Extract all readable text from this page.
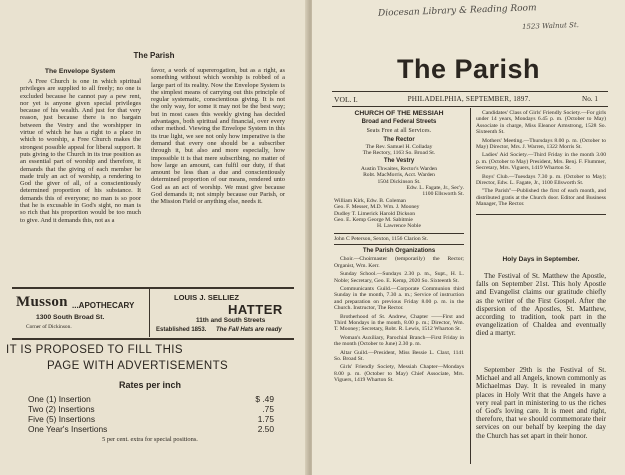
The Parish
The Envelope System

A Free Church is one in which spiritual privileges are supplied to all freely; no one is excluded because he cannot pay a pew rent, nor yet is anyone given special privileges because of his wealth. And just for that very reason, just because there is no bargain between the Vestry and the worshipper in virtue of which he has a right to a place in which to worship, a Free Church makes the strongest possible appeal for liberal support. It puts giving to the Church in its true position as an essential part of worship and therefore, it demands that the giving of each member be made truly an act of worship, a rendering to God the giver of all, of a conscientiously determined proportion of his substance. It demands this of everyone; no man is so poor that he is excusable in God's sight, no man is so rich that his proportion would be too much to give. And it demands this, not as a

favor, a work of supererogation, but as a right, as something without which worship is robbed of a large part of its reality. Now the Envelope System is the simplest means of carrying out this principle of regular systematic, conscientious giving. It is not the only way, for some it may not be the best way; but in most cases this weekly giving has decided advantages, both spiritual and financial, over every other method. Viewing the Envelope System in this its true light, we see not only how imperative is the demand that every one should be a subscriber through it, but also and more especially, how impossible it is that mere subscribing, no matter of how large an amount, can fulfil our duty, if that amount be less than a due and conscientiously determined proportion of our means, rendered unto God as an act of worship. We must give because God demands it; not simply because our Parish, or the Mission Field or anything else, needs it.

Musson ...APOTHECARY
1300 South Broad St.
Corner of Dickinson.
LOUIS J. SELLIEZ
HATTER
11th and South Streets
Established 1853. The Fall Hats are ready
IT IS PROPOSED TO FILL THIS
PAGE WITH ADVERTISEMENTS
Rates per inch
One (1) Insertion	$ .49
Two (2) Insertions	.75
Five (5) Insertions	1.75
One Year's Insertions	2.50
5 per cent. extra for special positions.
Diocesan Library & Reading Room
1523 Walnut St.
The Parish
VOL. I.	PHILADELPHIA, SEPTEMBER, 1897.	No. 1
CHURCH OF THE MESSIAH
Broad and Federal Streets
Seats Free at all Services.
The Rector
The Rev. Samuel H. Colladay
The Rectory, 1163 So. Broad St.
The Vestry
Austin Thwaites, Rector's Warden
Robt. MacMorris, Acct. Warden
1504 Dickinson St.
Edw. L. Fagate, Jr., Sec'y.
1100 Ellsworth St.
William Kirk, Edw. B. Coleman
Geo. F. Messer, M.D. Wm. J. Mooney
Dudley T. Limerick Harold Dickson
Geo. E. Kemp George M. Sabitmie
H. Lawrence Noble
John C Peterson, Sexton, 1156 Clarion St.
The Parish Organizations

Choir.—Choirmaster (temporarily) the Rector; Organist, Wm. Kerr.

Sunday School.—Sundays 2.30 p. m., Supt., H. L. Noble; Secretary, Geo. E. Kemp, 2020 So. Sixteenth St.

Communicants Guild.—Corporate Communion third Sunday in the month, 7.30 a. m.; Service of instruction and preparation on previous Friday 8.00 p. m. in the Church. Instructor, The Rector.

Brotherhood of St. Andrew, Chapter ——First and Third Mondays in the month, 8.00 p. m.; Director, Wm. T. Mooney; Secretary, Robt. R. Lewis, 1512 Wharton St.

Woman's Auxiliary, Parochial Branch—First Friday in the month (October to June) 2.30 p. m.

Altar Guild.—President, Miss Bessie L. Claxt, 1141 So. Broad St.

Girls' Friendly Society, Messiah Chapter—Mondays 8.00 p. m. (October to May) Chief Associate, Mrs. Viguers, 1419 Wharton St.

Candidates' Class of Girls' Friendly Society.—For girls under 14 years, Mondays 6.45 p. m. (October to May) Associate in charge, Miss Eleanor Armstrong, 1528 So. Sixteenth St.

Mothers' Meeting.—Thursdays 8.00 p. m. (October to May) Director, Mrs. J. Warren, 1322 Morris St.

Ladies' Aid Society.—Third Friday in the month 3.00 p. m. (October to May) President, Mrs. Benj. F. Flummer, Secretary, Mrs. Viguers, 1419 Wharton St.

Boys' Club.—Tuesdays 7.30 p. m. (October to May); Director, Edw. L. Fagate, Jr., 1100 Ellsworth St.

"The Parish"—Published the first of each month, and distributed gratis at the Church door. Editor and Business Manager, The Rector.

Holy Days in September.

The Festival of St. Matthew the Apostle, falls on September 21st. This holy Apostle and Evangelist claims our gratitude chiefly as the writer of the First Gospel. After the dispersion of the Apostles, St. Matthew, according to tradition, took part in the evangelization of Chaldea and eventually died a martyr.

September 29th is the Festival of St. Michael and all Angels, known commonly as Michaelmas Day. It is revealed in many places in Holy Writ that the Angels have a very real part in ministering to us the riches of God's loving care. It is meet and right, therefore, that we should commemorate their services on our behalf by keeping the day the Church has set apart in their honor.
